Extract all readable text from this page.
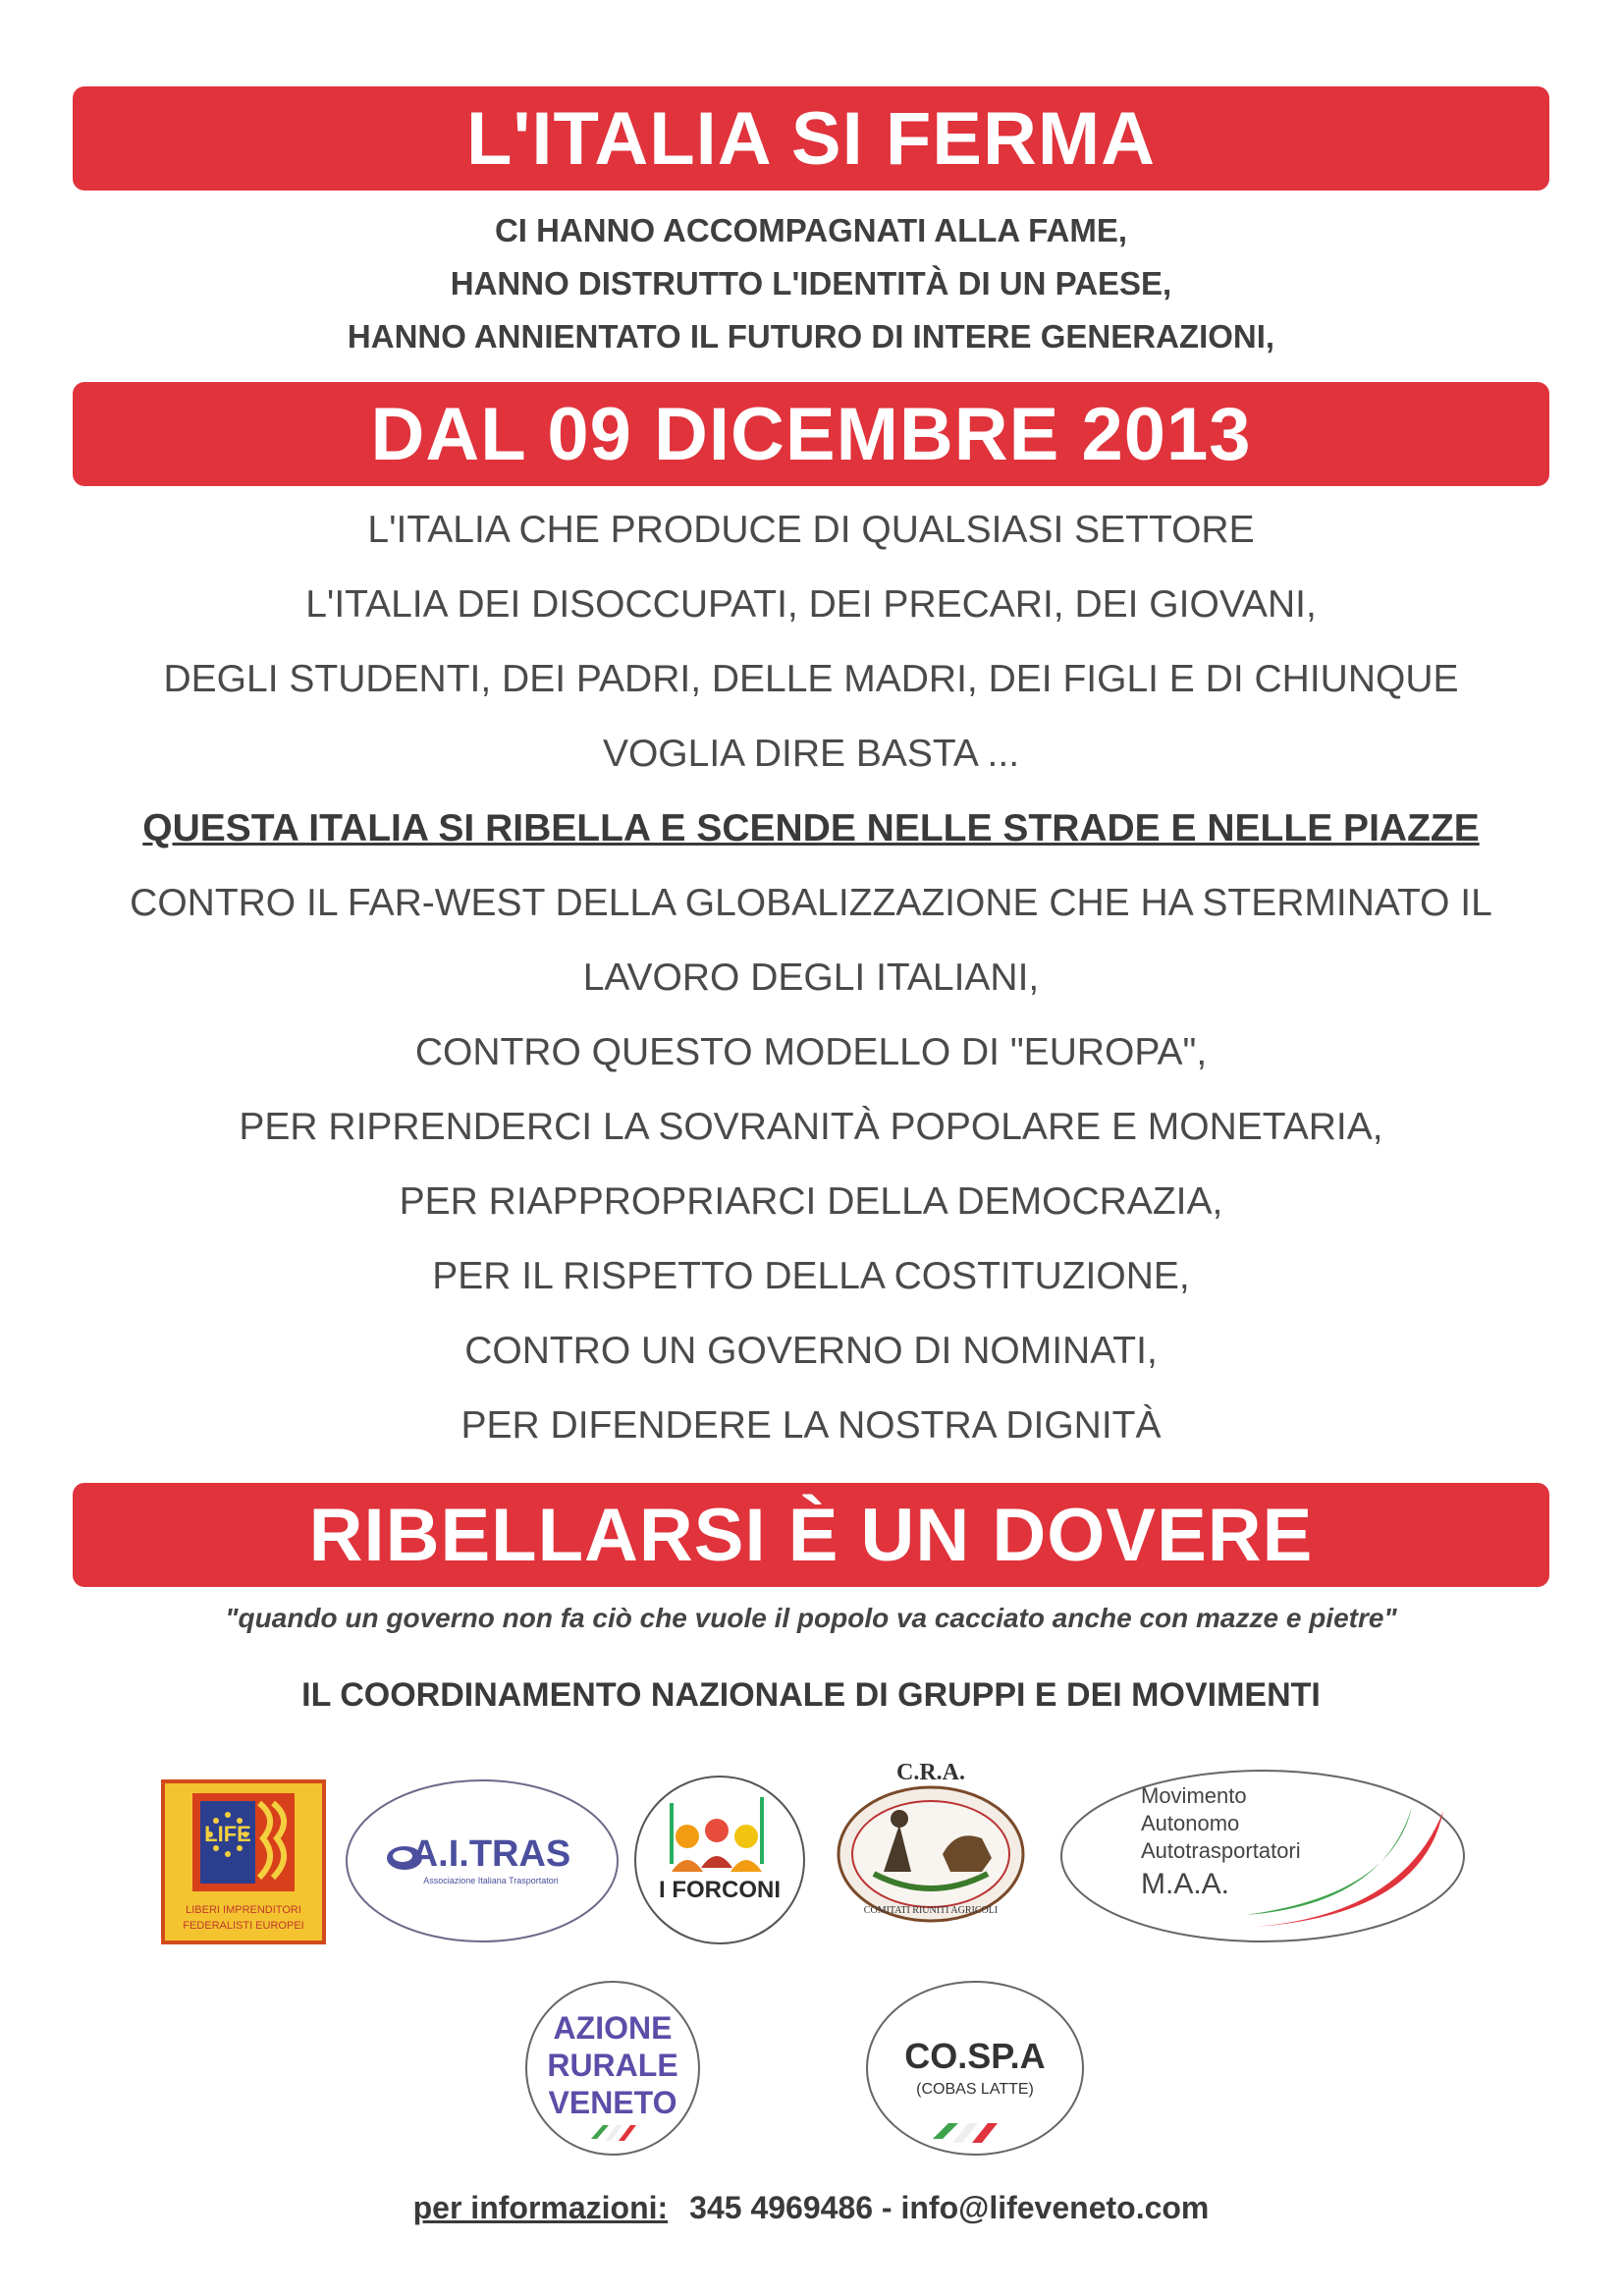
L'ITALIA SI FERMA
CI HANNO ACCOMPAGNATI ALLA FAME,
HANNO DISTRUTTO L'IDENTITÀ DI UN PAESE,
HANNO ANNIENTATO IL FUTURO DI INTERE GENERAZIONI,
DAL 09 DICEMBRE 2013
L'ITALIA CHE PRODUCE DI QUALSIASI SETTORE
L'ITALIA DEI DISOCCUPATI, DEI PRECARI, DEI GIOVANI,
DEGLI STUDENTI, DEI PADRI, DELLE MADRI, DEI FIGLI E DI CHIUNQUE
VOGLIA DIRE BASTA ...
QUESTA ITALIA SI RIBELLA E SCENDE NELLE STRADE E NELLE PIAZZE
CONTRO IL FAR-WEST DELLA GLOBALIZZAZIONE CHE HA STERMINATO IL
LAVORO DEGLI ITALIANI,
CONTRO QUESTO MODELLO DI "EUROPA",
PER RIPRENDERCI LA SOVRANITÀ POPOLARE E MONETARIA,
PER RIAPPROPRIARCI DELLA DEMOCRAZIA,
PER IL RISPETTO DELLA COSTITUZIONE,
CONTRO UN GOVERNO DI NOMINATI,
PER DIFENDERE LA NOSTRA DIGNITÀ
RIBELLARSI È UN DOVERE
"quando un governo non fa ciò che vuole il popolo va cacciato anche con mazze e pietre"
IL COORDINAMENTO NAZIONALE DI GRUPPI E DEI MOVIMENTI
LIFE
LIBERI IMPRENDITORI
FEDERALISTI EUROPEI
A.I.TRAS
Associazione Italiana Trasportatori	I FORCONI
C.R.A.
COMITATI RIUNITI AGRICOLI
Movimento
Autonomo
Autotrasportatori
M.A.A.
AZIONE
RURALE
VENETO
CO.SP.A
(COBAS LATTE)
per informazioni: 345 4969486 - info@lifeveneto.com
